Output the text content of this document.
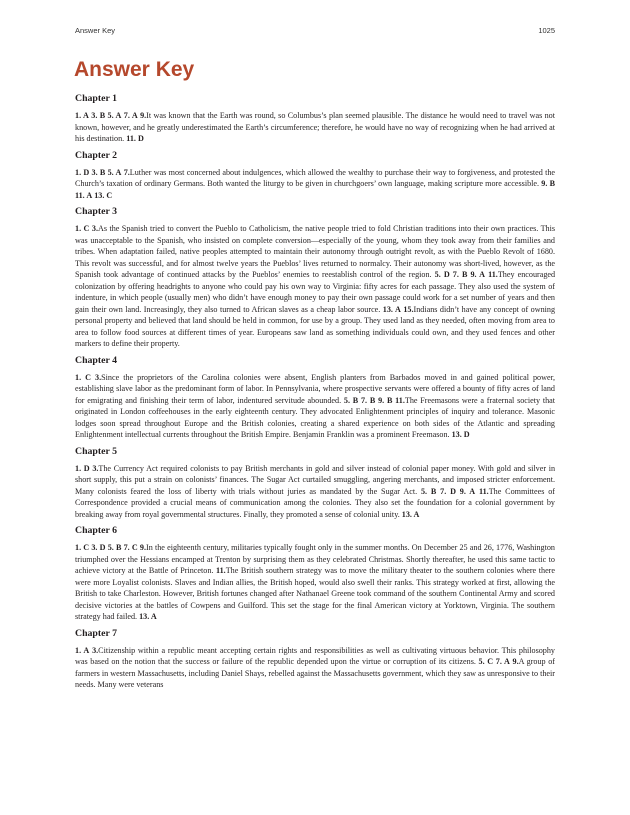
Answer Key	1025
Answer Key
Chapter 1

1. A 3. B 5. A 7. A 9.It was known that the Earth was round, so Columbus’s plan seemed plausible. The distance he would need to travel was not known, however, and he greatly underestimated the Earth’s circumference; therefore, he would have no way of recognizing when he had arrived at his destination. 11. D

Chapter 2

1. D 3. B 5. A 7.Luther was most concerned about indulgences, which allowed the wealthy to purchase their way to forgiveness, and protested the Church’s taxation of ordinary Germans. Both wanted the liturgy to be given in churchgoers’ own language, making scripture more accessible. 9. B 11. A 13. C

Chapter 3

1. C 3.As the Spanish tried to convert the Pueblo to Catholicism, the native people tried to fold Christian traditions into their own practices. This was unacceptable to the Spanish, who insisted on complete conversion—especially of the young, whom they took away from their families and tribes. When adaptation failed, native peoples attempted to maintain their autonomy through outright revolt, as with the Pueblo Revolt of 1680. This revolt was successful, and for almost twelve years the Pueblos’ lives returned to normalcy. Their autonomy was short-lived, however, as the Spanish took advantage of continued attacks by the Pueblos’ enemies to reestablish control of the region. 5. D 7. B 9. A 11.They encouraged colonization by offering headrights to anyone who could pay his own way to Virginia: fifty acres for each passage. They also used the system of indenture, in which people (usually men) who didn’t have enough money to pay their own passage could work for a set number of years and then gain their own land. Increasingly, they also turned to African slaves as a cheap labor source. 13. A 15.Indians didn’t have any concept of owning personal property and believed that land should be held in common, for use by a group. They used land as they needed, often moving from area to area to follow food sources at different times of year. Europeans saw land as something individuals could own, and they used fences and other markers to define their property.

Chapter 4

1. C 3.Since the proprietors of the Carolina colonies were absent, English planters from Barbados moved in and gained political power, establishing slave labor as the predominant form of labor. In Pennsylvania, where prospective servants were offered a bounty of fifty acres of land for emigrating and finishing their term of labor, indentured servitude abounded. 5. B 7. B 9. B 11.The Freemasons were a fraternal society that originated in London coffeehouses in the early eighteenth century. They advocated Enlightenment principles of inquiry and tolerance. Masonic lodges soon spread throughout Europe and the British colonies, creating a shared experience on both sides of the Atlantic and spreading Enlightenment intellectual currents throughout the British Empire. Benjamin Franklin was a prominent Freemason. 13. D

Chapter 5

1. D 3.The Currency Act required colonists to pay British merchants in gold and silver instead of colonial paper money. With gold and silver in short supply, this put a strain on colonists’ finances. The Sugar Act curtailed smuggling, angering merchants, and imposed stricter enforcement. Many colonists feared the loss of liberty with trials without juries as mandated by the Sugar Act. 5. B 7. D 9. A 11.The Committees of Correspondence provided a crucial means of communication among the colonies. They also set the foundation for a colonial government by breaking away from royal governmental structures. Finally, they promoted a sense of colonial unity. 13. A

Chapter 6

1. C 3. D 5. B 7. C 9.In the eighteenth century, militaries typically fought only in the summer months. On December 25 and 26, 1776, Washington triumphed over the Hessians encamped at Trenton by surprising them as they celebrated Christmas. Shortly thereafter, he used this same tactic to achieve victory at the Battle of Princeton. 11.The British southern strategy was to move the military theater to the southern colonies where there were more Loyalist colonists. Slaves and Indian allies, the British hoped, would also swell their ranks. This strategy worked at first, allowing the British to take Charleston. However, British fortunes changed after Nathanael Greene took command of the southern Continental Army and scored decisive victories at the battles of Cowpens and Guilford. This set the stage for the final American victory at Yorktown, Virginia. The southern strategy had failed. 13. A

Chapter 7

1. A 3.Citizenship within a republic meant accepting certain rights and responsibilities as well as cultivating virtuous behavior. This philosophy was based on the notion that the success or failure of the republic depended upon the virtue or corruption of its citizens. 5. C 7. A 9.A group of farmers in western Massachusetts, including Daniel Shays, rebelled against the Massachusetts government, which they saw as unresponsive to their needs. Many were veterans
